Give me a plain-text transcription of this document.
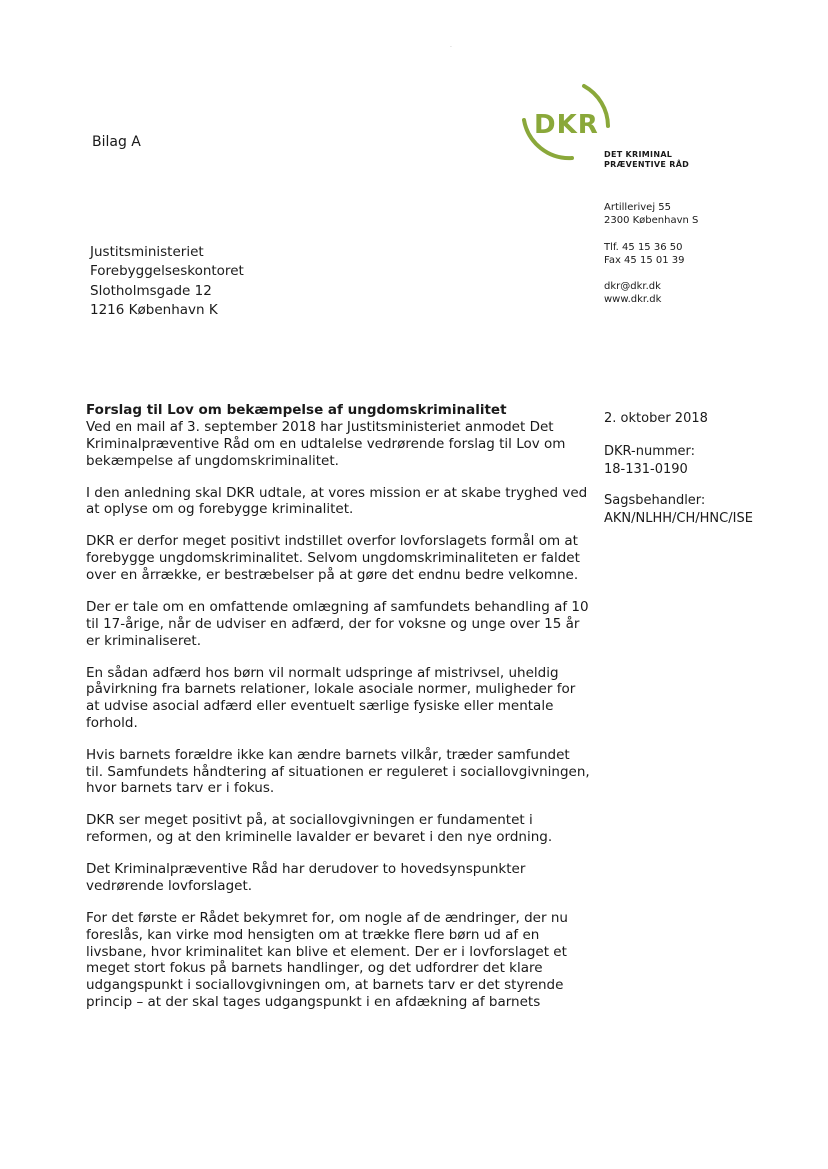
·
Bilag A
DKR
DET KRIMINAL
PRÆVENTIVE RÅD
Artillerivej 55
2300 København S
Tlf. 45 15 36 50
Fax 45 15 01 39
dkr@dkr.dk
www.dkr.dk
Justitsministeriet
Forebyggelseskontoret
Slotholmsgade 12
1216 København K
2. oktober 2018
DKR-nummer:
18-131-0190
Sagsbehandler:
AKN/NLHH/CH/HNC/ISE
Forslag til Lov om bekæmpelse af ungdomskriminalitet

Ved en mail af 3. september 2018 har Justitsministeriet anmodet Det Kriminalpræventive Råd om en udtalelse vedrørende forslag til Lov om bekæmpelse af ungdomskriminalitet.

I den anledning skal DKR udtale, at vores mission er at skabe tryghed ved at oplyse om og forebygge kriminalitet.

DKR er derfor meget positivt indstillet overfor lovforslagets formål om at forebygge ungdomskriminalitet. Selvom ungdomskriminaliteten er faldet over en årrække, er bestræbelser på at gøre det endnu bedre velkomne.

Der er tale om en omfattende omlægning af samfundets behandling af 10 til 17-årige, når de udviser en adfærd, der for voksne og unge over 15 år er kriminaliseret.

En sådan adfærd hos børn vil normalt udspringe af mistrivsel, uheldig påvirkning fra barnets relationer, lokale asociale normer, muligheder for at udvise asocial adfærd eller eventuelt særlige fysiske eller mentale forhold.

Hvis barnets forældre ikke kan ændre barnets vilkår, træder samfundet til. Samfundets håndtering af situationen er reguleret i sociallovgivningen, hvor barnets tarv er i fokus.

DKR ser meget positivt på, at sociallovgivningen er fundamentet i reformen, og at den kriminelle lavalder er bevaret i den nye ordning.

Det Kriminalpræventive Råd har derudover to hovedsynspunkter vedrørende lovforslaget.

For det første er Rådet bekymret for, om nogle af de ændringer, der nu foreslås, kan virke mod hensigten om at trække flere børn ud af en livsbane, hvor kriminalitet kan blive et element. Der er i lovforslaget et meget stort fokus på barnets handlinger, og det udfordrer det klare udgangspunkt i sociallovgivningen om, at barnets tarv er det styrende princip – at der skal tages udgangspunkt i en afdækning af barnets
